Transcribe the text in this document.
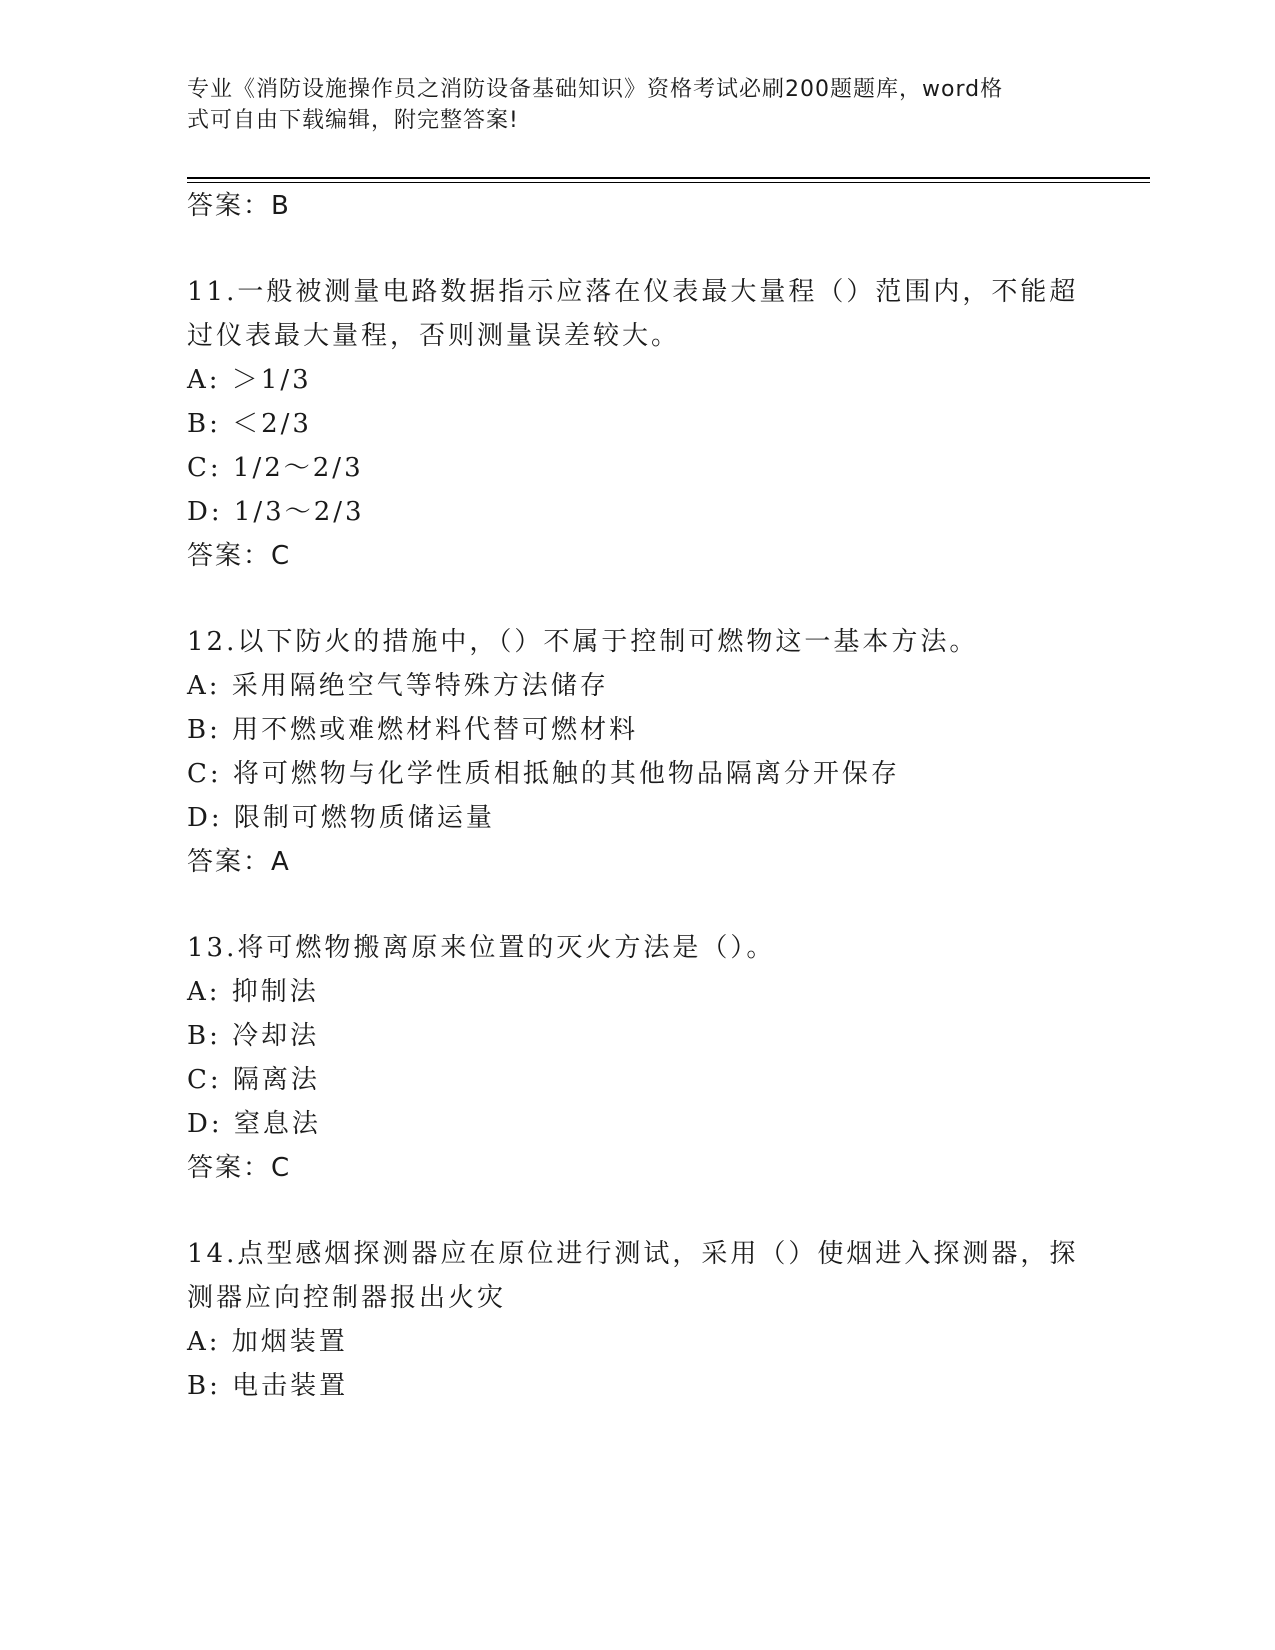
专业《消防设施操作员之消防设备基础知识》资格考试必刷200题题库，word格
式可自由下载编辑，附完整答案!
答案：B
11.一般被测量电路数据指示应落在仪表最大量程（）范围内，不能超
过仪表最大量程，否则测量误差较大。
A: ＞1/3
B: ＜2/3
C: 1/2～2/3
D: 1/3～2/3
答案：C
12.以下防火的措施中，（）不属于控制可燃物这一基本方法。
A: 采用隔绝空气等特殊方法储存
B: 用不燃或难燃材料代替可燃材料
C: 将可燃物与化学性质相抵触的其他物品隔离分开保存
D: 限制可燃物质储运量
答案：A
13.将可燃物搬离原来位置的灭火方法是（）。
A: 抑制法
B: 冷却法
C: 隔离法
D: 窒息法
答案：C
14.点型感烟探测器应在原位进行测试，采用（）使烟进入探测器，探
测器应向控制器报出火灾
A: 加烟装置
B: 电击装置
